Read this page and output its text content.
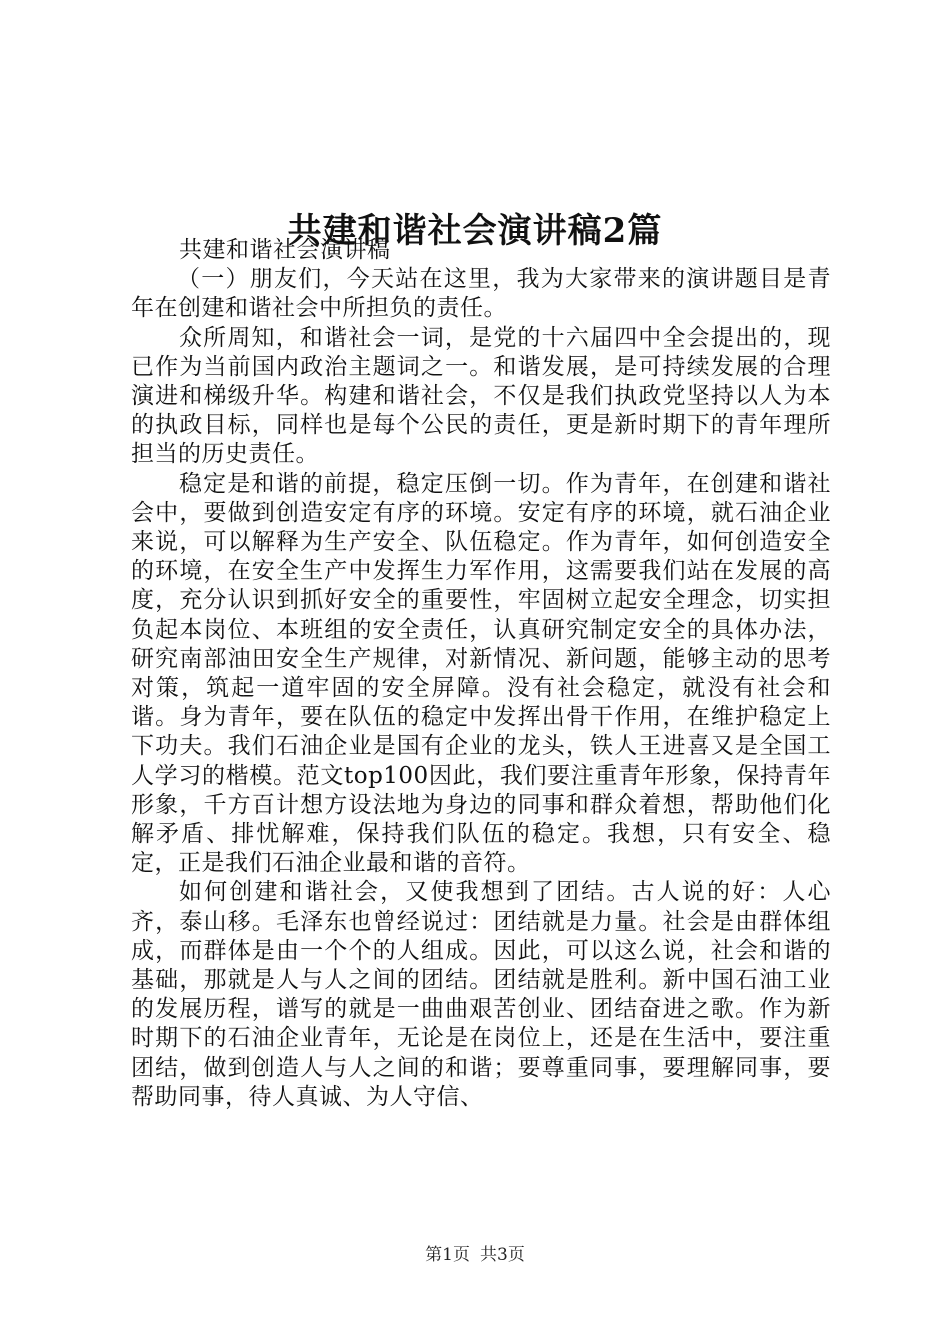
共建和谐社会演讲稿2篇

共建和谐社会演讲稿

（一）朋友们，今天站在这里，我为大家带来的演讲题目是青年在创建和谐社会中所担负的责任。

众所周知，和谐社会一词，是党的十六届四中全会提出的，现已作为当前国内政治主题词之一。和谐发展，是可持续发展的合理演进和梯级升华。构建和谐社会，不仅是我们执政党坚持以人为本的执政目标，同样也是每个公民的责任，更是新时期下的青年理所担当的历史责任。

稳定是和谐的前提，稳定压倒一切。作为青年，在创建和谐社会中，要做到创造安定有序的环境。安定有序的环境，就石油企业来说，可以解释为生产安全、队伍稳定。作为青年，如何创造安全的环境，在安全生产中发挥生力军作用，这需要我们站在发展的高度，充分认识到抓好安全的重要性，牢固树立起安全理念，切实担负起本岗位、本班组的安全责任，认真研究制定安全的具体办法，研究南部油田安全生产规律，对新情况、新问题，能够主动的思考对策，筑起一道牢固的安全屏障。没有社会稳定，就没有社会和谐。身为青年，要在队伍的稳定中发挥出骨干作用，在维护稳定上下功夫。我们石油企业是国有企业的龙头，铁人王进喜又是全国工人学习的楷模。范文top100因此，我们要注重青年形象，保持青年形象，千方百计想方设法地为身边的同事和群众着想，帮助他们化解矛盾、排忧解难，保持我们队伍的稳定。我想，只有安全、稳定，正是我们石油企业最和谐的音符。

如何创建和谐社会，又使我想到了团结。古人说的好：人心齐，泰山移。毛泽东也曾经说过：团结就是力量。社会是由群体组成，而群体是由一个个的人组成。因此，可以这么说，社会和谐的基础，那就是人与人之间的团结。团结就是胜利。新中国石油工业的发展历程，谱写的就是一曲曲艰苦创业、团结奋进之歌。作为新时期下的石油企业青年，无论是在岗位上，还是在生活中，要注重团结，做到创造人与人之间的和谐；要尊重同事，要理解同事，要帮助同事，待人真诚、为人守信、

第1页 共3页
